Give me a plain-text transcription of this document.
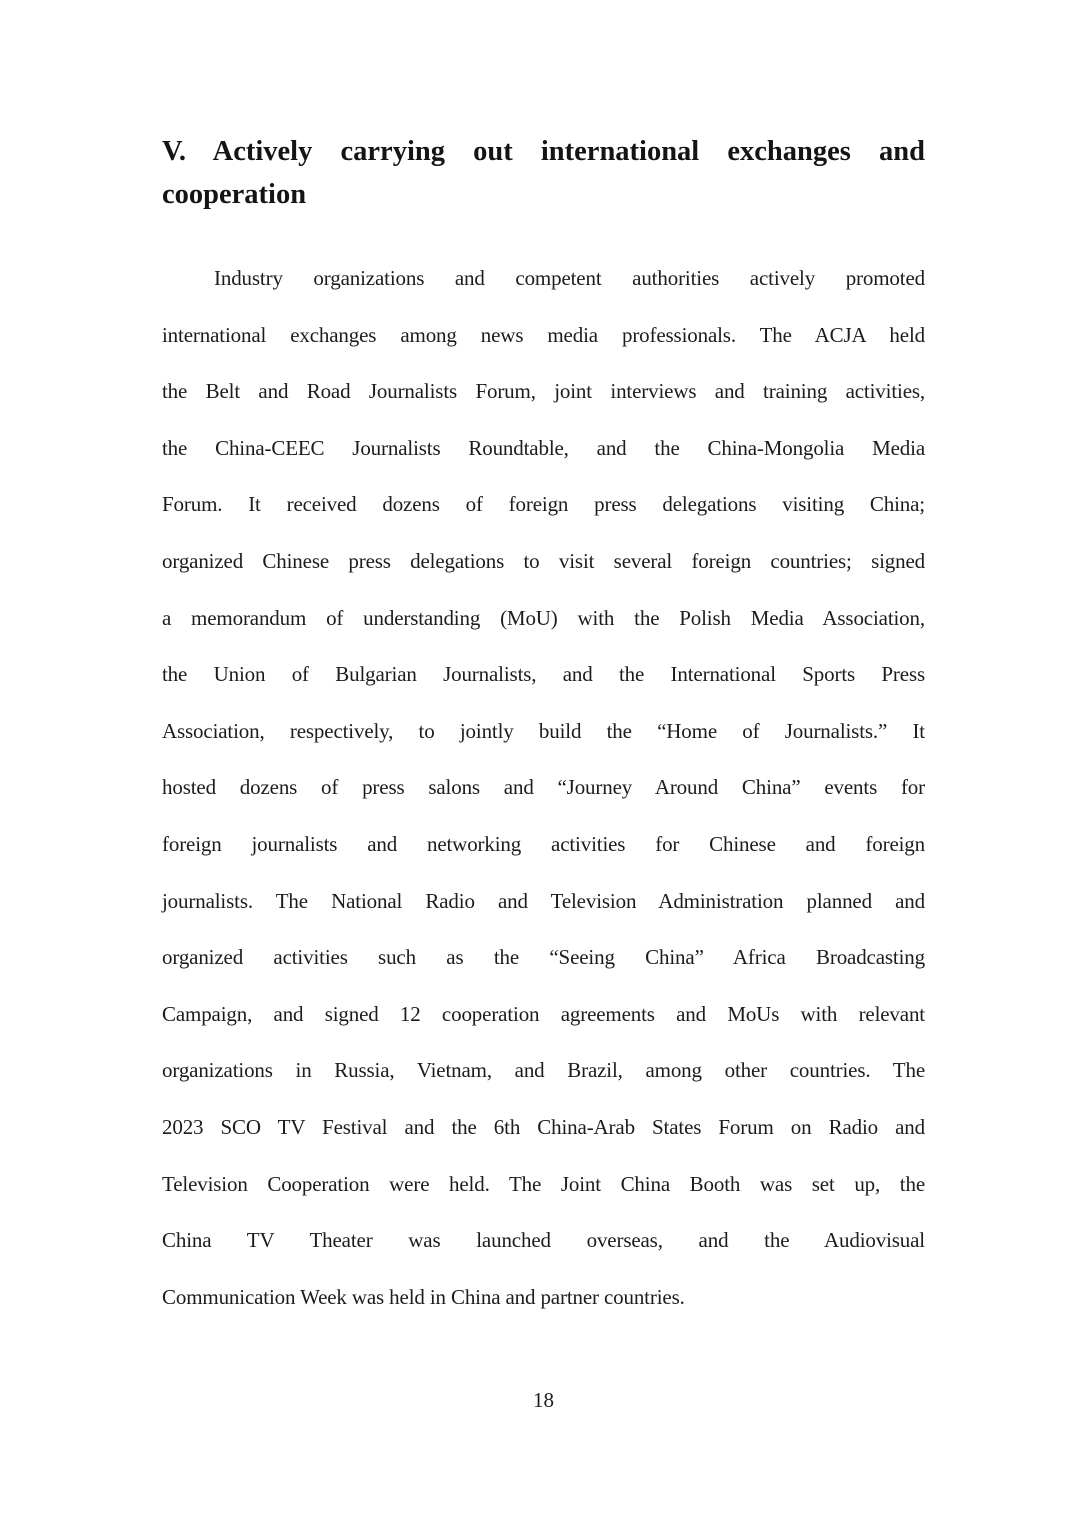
V. Actively carrying out international exchanges and
cooperation
Industry organizations and competent authorities actively promoted
international exchanges among news media professionals. The ACJA held
the Belt and Road Journalists Forum, joint interviews and training activities,
the China-CEEC Journalists Roundtable, and the China-Mongolia Media
Forum. It received dozens of foreign press delegations visiting China;
organized Chinese press delegations to visit several foreign countries; signed
a memorandum of understanding (MoU) with the Polish Media Association,
the Union of Bulgarian Journalists, and the International Sports Press
Association, respectively, to jointly build the “Home of Journalists.” It
hosted dozens of press salons and “Journey Around China” events for
foreign journalists and networking activities for Chinese and foreign
journalists. The National Radio and Television Administration planned and
organized activities such as the “Seeing China” Africa Broadcasting
Campaign, and signed 12 cooperation agreements and MoUs with relevant
organizations in Russia, Vietnam, and Brazil, among other countries. The
2023 SCO TV Festival and the 6th China-Arab States Forum on Radio and
Television Cooperation were held. The Joint China Booth was set up, the
China TV Theater was launched overseas, and the Audiovisual
Communication Week was held in China and partner countries.
18
